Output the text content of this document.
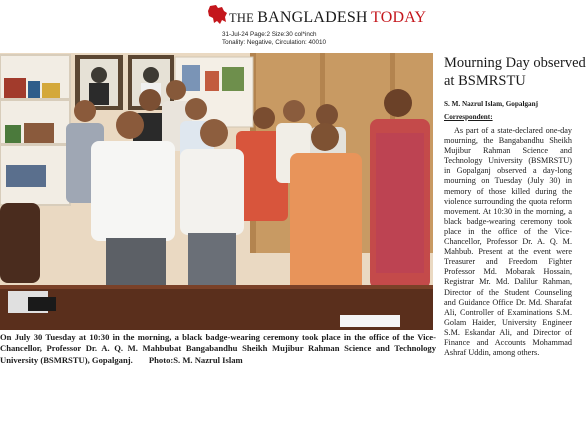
THE BANGLADESH TODAY
31-Jul-24 Page:2 Size:30 col*inch
Tonality: Negative, Circulation: 40010
On July 30 Tuesday at 10:30 in the morning, a black badge-wearing ceremony took place in the office of the Vice-Chancellor, Professor Dr. A. Q. M. Mahbubat Bangabandhu Sheikh Mujibur Rahman Science and Technology University (BSMRSTU), Gopalganj. Photo:S. M. Nazrul Islam
Mourning Day observed
at BSMRSTU
S. M. Nazrul Islam, Gopalganj
Correspondent:
As part of a state-declared one-day mourning, the Bangabandhu Sheikh Mujibur Rahman Science and Technology University (BSMRSTU) in Gopalganj observed a day-long mourning on Tuesday (July 30) in memory of those killed during the violence surrounding the quota reform movement. At 10:30 in the morning, a black badge-wearing ceremony took place in the office of the Vice-Chancellor, Professor Dr. A. Q. M. Mahbub. Present at the event were Treasurer and Freedom Fighter Professor Md. Mobarak Hossain, Registrar Mr. Md. Dalilur Rahman, Director of the Student Counseling and Guidance Office Dr. Md. Sharafat Ali, Controller of Examinations S.M. Golam Haider, University Engineer S.M. Eskandar Ali, and Director of Finance and Accounts Mohammad Ashraf Uddin, among others.
